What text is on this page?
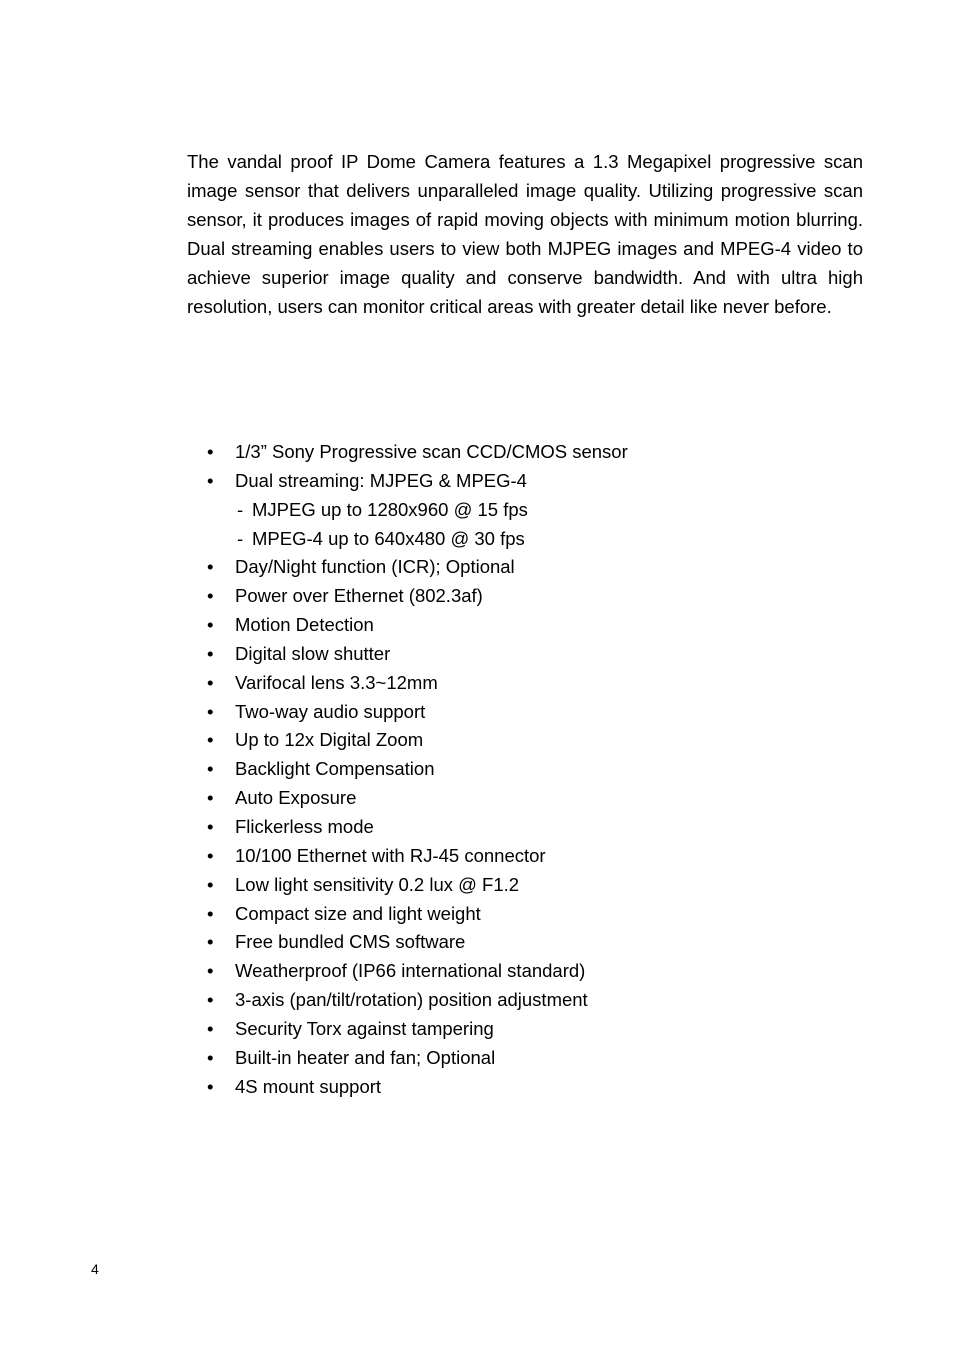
The vandal proof IP Dome Camera features a 1.3 Megapixel progressive scan image sensor that delivers unparalleled image quality. Utilizing progressive scan sensor, it produces images of rapid moving objects with minimum motion blurring. Dual streaming enables users to view both MJPEG images and MPEG-4 video to achieve superior image quality and conserve bandwidth. And with ultra high resolution, users can monitor critical areas with greater detail like never before.

•	1/3” Sony Progressive scan CCD/CMOS sensor
•	Dual streaming: MJPEG & MPEG-4
- MJPEG up to 1280x960 @ 15 fps
- MPEG-4 up to 640x480 @ 30 fps
•	Day/Night function (ICR); Optional
•	Power over Ethernet (802.3af)
•	Motion Detection
•	Digital slow shutter
•	Varifocal lens 3.3~12mm
•	Two-way audio support
•	Up to 12x Digital Zoom
•	Backlight Compensation
•	Auto Exposure
•	Flickerless mode
•	10/100 Ethernet with RJ-45 connector
•	Low light sensitivity 0.2 lux @ F1.2
•	Compact size and light weight
•	Free bundled CMS software
•	Weatherproof (IP66 international standard)
•	3-axis (pan/tilt/rotation) position adjustment
•	Security Torx against tampering
•	Built-in heater and fan; Optional
•	4S mount support
4
